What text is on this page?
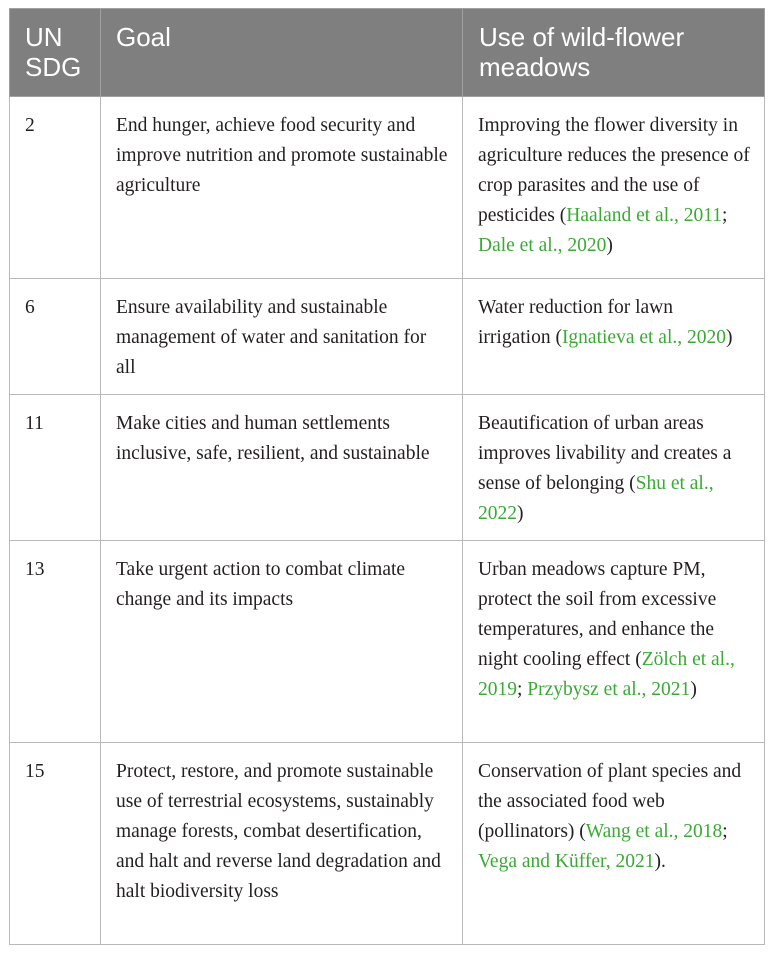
UN SDG	Goal	Use of wild-flower meadows
2	End hunger, achieve food security and improve nutrition and promote sustainable agriculture	Improving the flower diversity in agriculture reduces the presence of crop parasites and the use of pesticides (Haaland et al., 2011; Dale et al., 2020)
6	Ensure availability and sustainable management of water and sanitation for all	Water reduction for lawn irrigation (Ignatieva et al., 2020)
11	Make cities and human settlements inclusive, safe, resilient, and sustainable	Beautification of urban areas improves livability and creates a sense of belonging (Shu et al., 2022)
13	Take urgent action to combat climate change and its impacts	Urban meadows capture PM, protect the soil from excessive temperatures, and enhance the night cooling effect (Zölch et al., 2019; Przybysz et al., 2021)
15	Protect, restore, and promote sustainable use of terrestrial ecosystems, sustainably manage forests, combat desertification, and halt and reverse land degradation and halt biodiversity loss	Conservation of plant species and the associated food web (pollinators) (Wang et al., 2018; Vega and Küffer, 2021).
